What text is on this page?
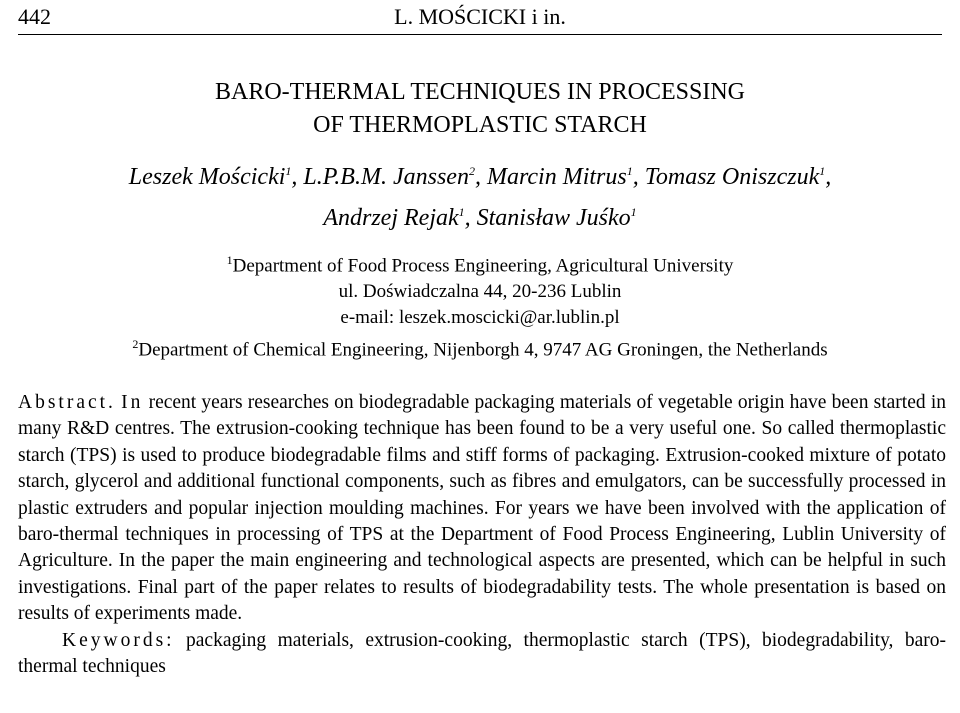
442	L. MOŚCICKI i in.
BARO-THERMAL TECHNIQUES IN PROCESSING
OF THERMOPLASTIC STARCH
Leszek Mościcki$^1$, L.P.B.M. Janssen$^2$, Marcin Mitrus$^1$, Tomasz Oniszczuk$^1$,
Andrzej Rejak$^1$, Stanisław Juśko$^1$
$^1$Department of Food Process Engineering, Agricultural University
ul. Doświadczalna 44, 20-236 Lublin
e-mail: leszek.moscicki@ar.lublin.pl
$^2$Department of Chemical Engineering, Nijenborgh 4, 9747 AG Groningen, the Netherlands

Abstract. In recent years researches on biodegradable packaging materials of vegetable origin have been started in many R&D centres. The extrusion-cooking technique has been found to be a very useful one. So called thermoplastic starch (TPS) is used to produce biodegradable films and stiff forms of packaging. Extrusion-cooked mixture of potato starch, glycerol and additional functional components, such as fibres and emulgators, can be successfully processed in plastic extruders and popular injection moulding machines. For years we have been involved with the application of baro-thermal techniques in processing of TPS at the Department of Food Process Engineering, Lublin University of Agriculture. In the paper the main engineering and technological aspects are presented, which can be helpful in such investigations. Final part of the paper relates to results of biodegradability tests. The whole presentation is based on results of experiments made.

Keywords: packaging materials, extrusion-cooking, thermoplastic starch (TPS), biodegradability, baro-thermal techniques
